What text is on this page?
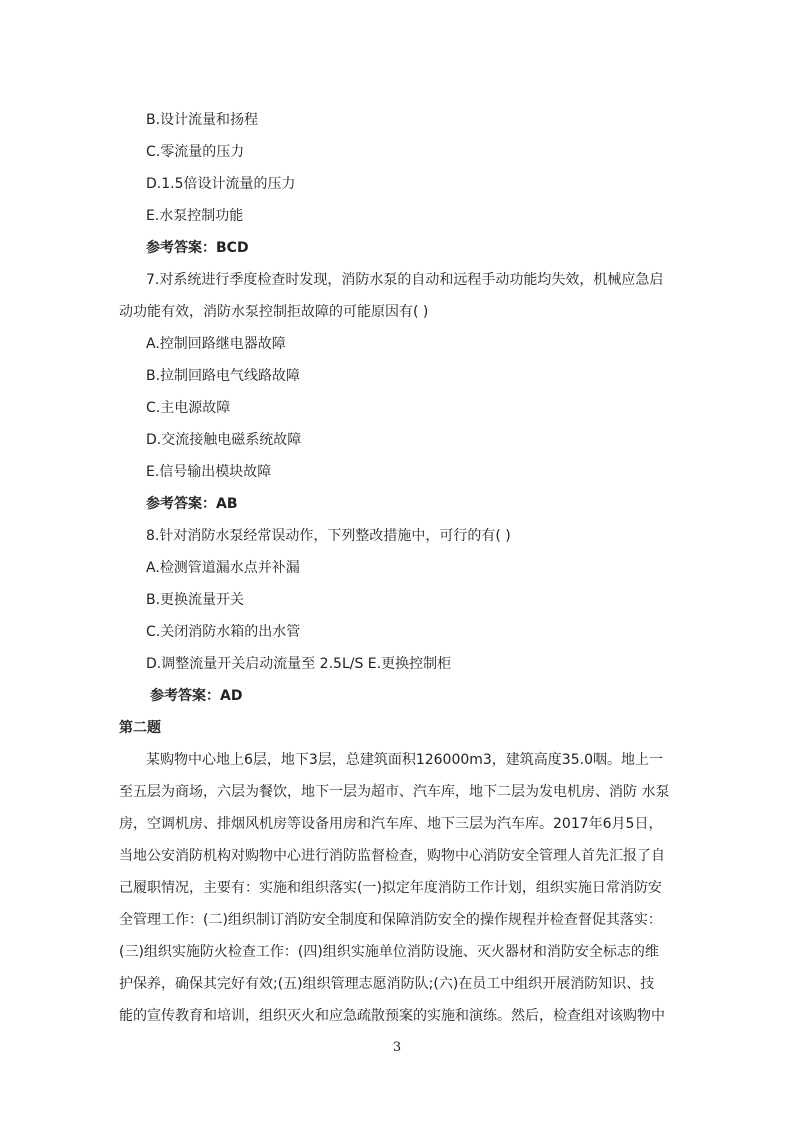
B.设计流量和扬程
C.零流量的压力
D.1.5倍设计流量的压力
E.水泵控制功能
参考答案：BCD
7.对系统进行季度检查时发现，消防水泵的自动和远程手动功能均失效，机械应急启
动功能有效，消防水泵控制拒故障的可能原因有( )
A.控制回路继电器故障
B.拉制回路电气线路故障
C.主电源故障
D.交流接触电磁系统故障
E.信号输出模块故障
参考答案：AB
8.针对消防水泵经常误动作，下列整改措施中，可行的有( )
A.检测管道漏水点并补漏
B.更换流量开关
C.关闭消防水箱的出水管
D.调整流量开关启动流量至 2.5L/S E.更换控制柜
参考答案：AD
第二题
某购物中心地上6层，地下3层，总建筑面积126000m3，建筑高度35.0咽。地上一
至五层为商场，六层为餐饮，地下一层为超市、汽车库，地下二层为发电机房、消防 水泵
房，空调机房、排烟风机房等设备用房和汽车库、地下三层为汽车库。2017年6月5日，
当地公安消防机构对购物中心进行消防监督检查，购物中心消防安全管理人首先汇报了自
己履职情况，主要有：实施和组织落实(一)拟定年度消防工作计划，组织实施日常消防安
全管理工作：(二)组织制订消防安全制度和保障消防安全的操作规程并检查督促其落实：
(三)组织实施防火检查工作：(四)组织实施单位消防设施、灭火器材和消防安全标志的维
护保养，确保其完好有效;(五)组织管理志愿消防队;(六)在员工中组织开展消防知识、技
能的宣传教育和培训，组织灭火和应急疏散预案的实施和演练。然后，检查组对该购物中
3
